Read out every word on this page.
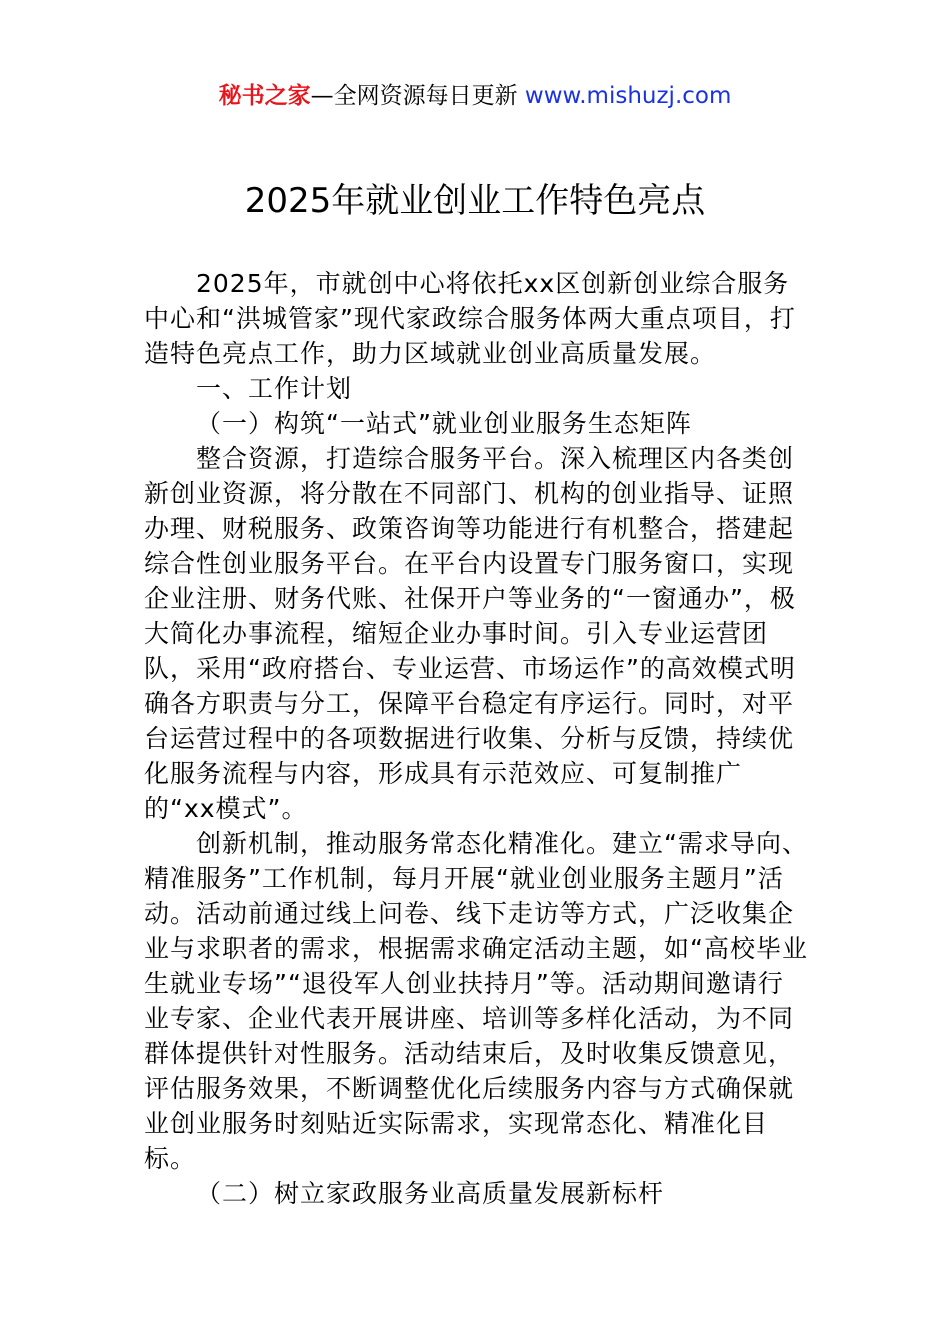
秘书之家—全网资源每日更新 www.mishuzj.com
2025年就业创业工作特色亮点

2025年，市就创中心将依托xx区创新创业综合服务中心和“洪城管家”现代家政综合服务体两大重点项目，打造特色亮点工作，助力区域就业创业高质量发展。

一、工作计划

（一）构筑“一站式”就业创业服务生态矩阵

整合资源，打造综合服务平台。深入梳理区内各类创新创业资源，将分散在不同部门、机构的创业指导、证照办理、财税服务、政策咨询等功能进行有机整合，搭建起综合性创业服务平台。在平台内设置专门服务窗口，实现企业注册、财务代账、社保开户等业务的“一窗通办”，极大简化办事流程，缩短企业办事时间。引入专业运营团队，采用“政府搭台、专业运营、市场运作”的高效模式明确各方职责与分工，保障平台稳定有序运行。同时，对平台运营过程中的各项数据进行收集、分析与反馈，持续优化服务流程与内容，形成具有示范效应、可复制推广的“xx模式”。

创新机制，推动服务常态化精准化。建立“需求导向、精准服务”工作机制，每月开展“就业创业服务主题月”活动。活动前通过线上问卷、线下走访等方式，广泛收集企业与求职者的需求，根据需求确定活动主题，如“高校毕业生就业专场”“退役军人创业扶持月”等。活动期间邀请行业专家、企业代表开展讲座、培训等多样化活动，为不同群体提供针对性服务。活动结束后，及时收集反馈意见，评估服务效果，不断调整优化后续服务内容与方式确保就业创业服务时刻贴近实际需求，实现常态化、精准化目标。

（二）树立家政服务业高质量发展新标杆
